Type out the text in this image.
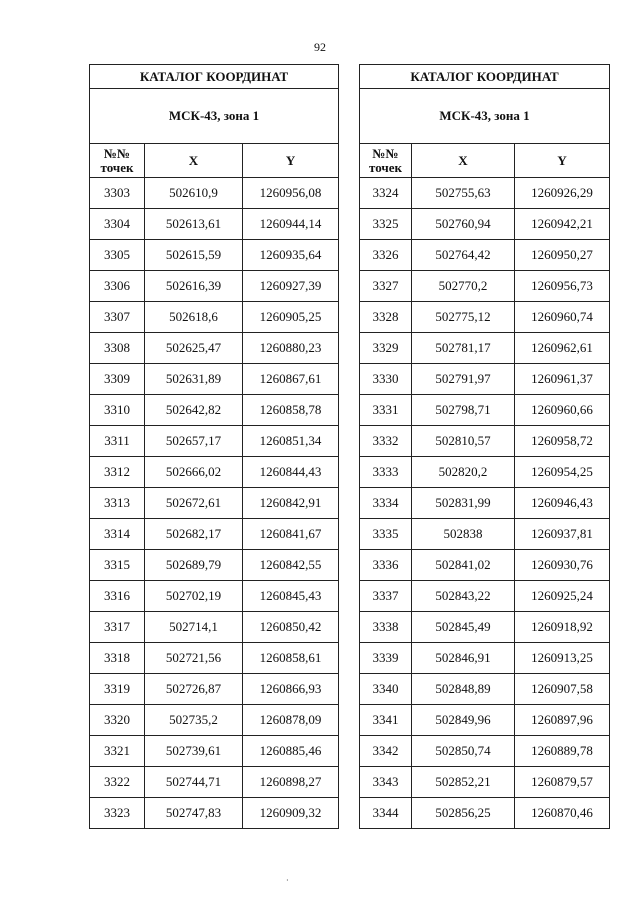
92
КАТАЛОГ КООРДИНАТ		
МСК-43, зона 1		
№№
точек	X	Y
3303	502610,9	1260956,08
3304	502613,61	1260944,14
3305	502615,59	1260935,64
3306	502616,39	1260927,39
3307	502618,6	1260905,25
3308	502625,47	1260880,23
3309	502631,89	1260867,61
3310	502642,82	1260858,78
3311	502657,17	1260851,34
3312	502666,02	1260844,43
3313	502672,61	1260842,91
3314	502682,17	1260841,67
3315	502689,79	1260842,55
3316	502702,19	1260845,43
3317	502714,1	1260850,42
3318	502721,56	1260858,61
3319	502726,87	1260866,93
3320	502735,2	1260878,09
3321	502739,61	1260885,46
3322	502744,71	1260898,27
3323	502747,83	1260909,32
КАТАЛОГ КООРДИНАТ		
МСК-43, зона 1		
№№
точек	X	Y
3324	502755,63	1260926,29
3325	502760,94	1260942,21
3326	502764,42	1260950,27
3327	502770,2	1260956,73
3328	502775,12	1260960,74
3329	502781,17	1260962,61
3330	502791,97	1260961,37
3331	502798,71	1260960,66
3332	502810,57	1260958,72
3333	502820,2	1260954,25
3334	502831,99	1260946,43
3335	502838	1260937,81
3336	502841,02	1260930,76
3337	502843,22	1260925,24
3338	502845,49	1260918,92
3339	502846,91	1260913,25
3340	502848,89	1260907,58
3341	502849,96	1260897,96
3342	502850,74	1260889,78
3343	502852,21	1260879,57
3344	502856,25	1260870,46
·
